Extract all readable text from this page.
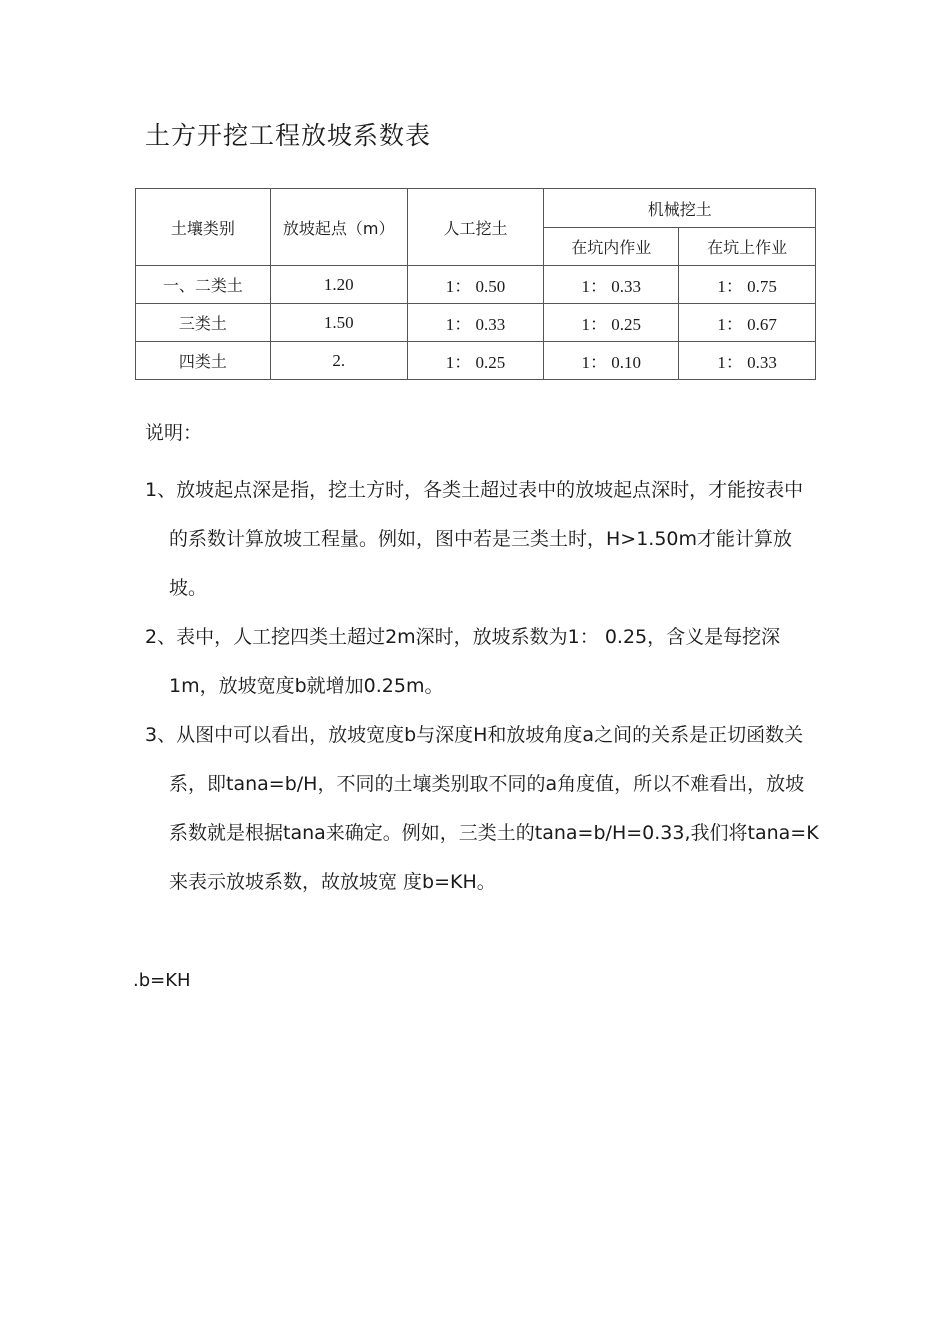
土方开挖工程放坡系数表
土壤类别	放坡起点（m）	人工挖土	机械挖土	
			在坑内作业	在坑上作业
一、二类土	1.20	1： 0.50	1： 0.33	1： 0.75
三类土	1.50	1： 0.33	1： 0.25	1： 0.67
四类土	2.	1： 0.25	1： 0.10	1： 0.33
说明：
1、放坡起点深是指，挖土方时，各类土超过表中的放坡起点深时，才能按表中的系数计算放坡工程量。例如，图中若是三类土时，H>1.50m才能计算放坡。
2、表中，人工挖四类土超过2m深时，放坡系数为1： 0.25，含义是每挖深1m，放坡宽度b就增加0.25m。
3、从图中可以看出，放坡宽度b与深度H和放坡角度a之间的关系是正切函数关系，即tana=b/H，不同的土壤类别取不同的a角度值，所以不难看出，放坡系数就是根据tana来确定。例如，三类土的tana=b/H=0.33,我们将tana=K来表示放坡系数，故放坡宽 度b=KH。
.b=KH
